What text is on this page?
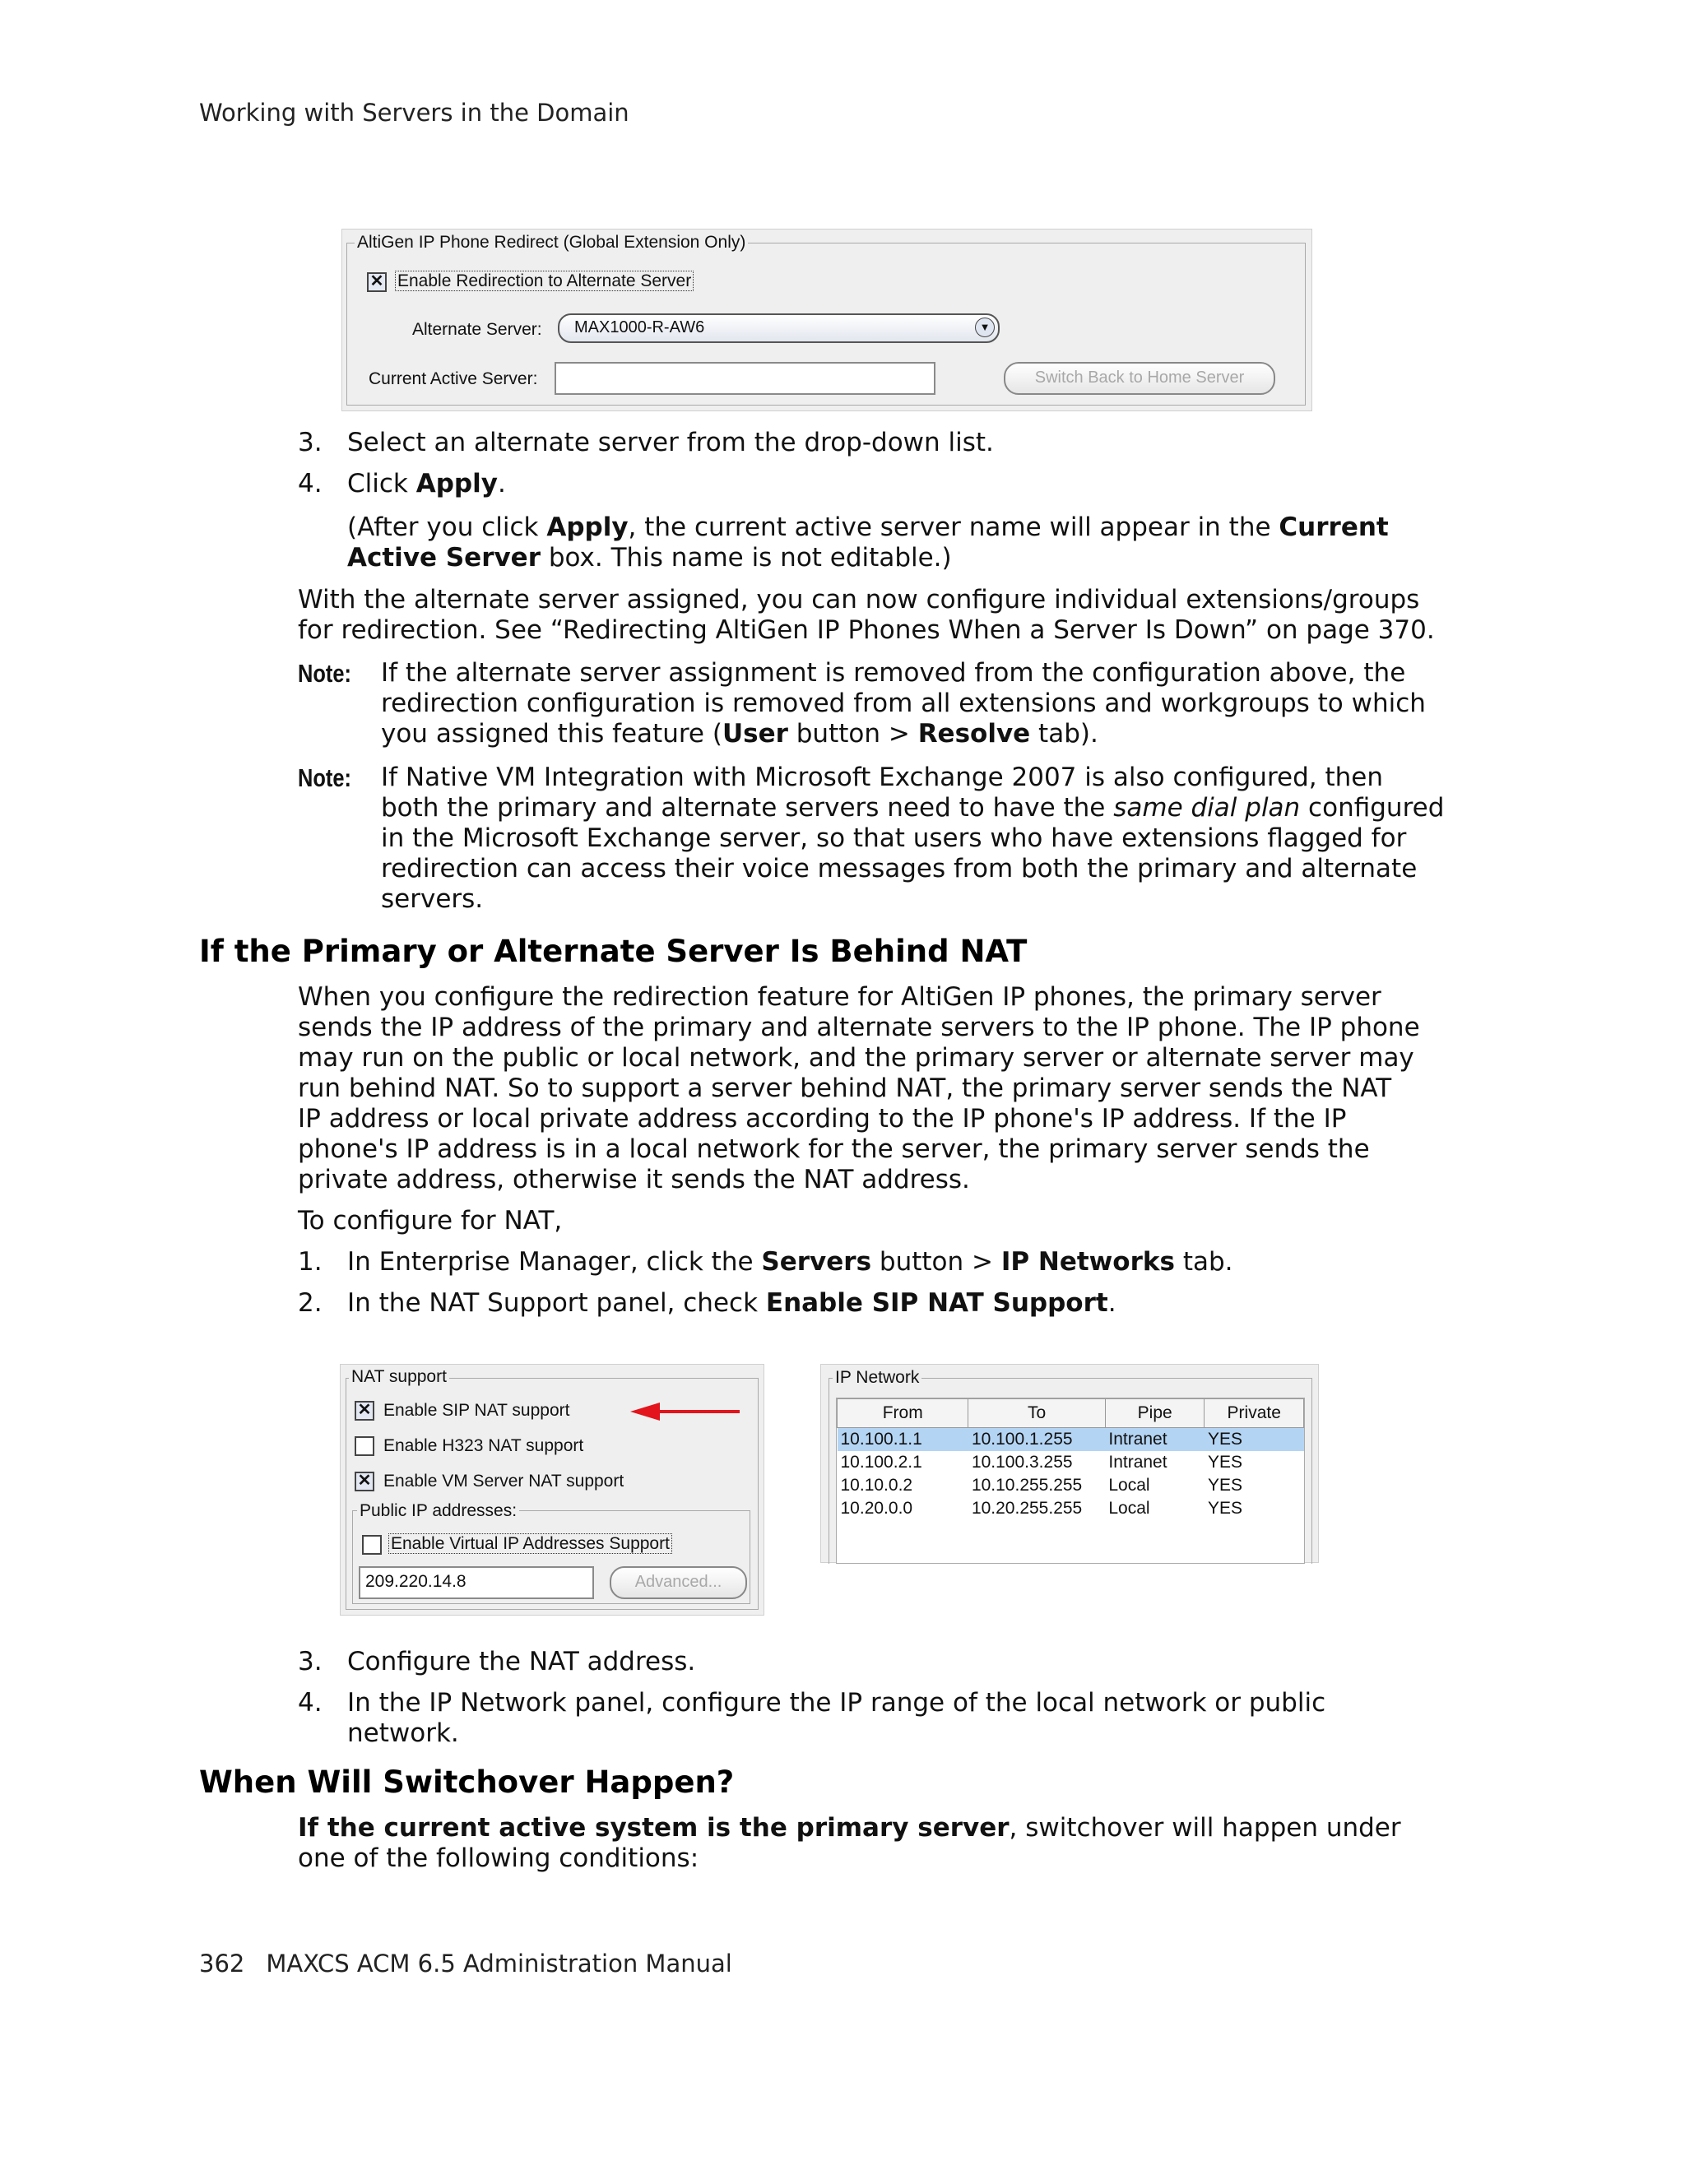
Working with Servers in the Domain
AltiGen IP Phone Redirect (Global Extension Only)
✕ Enable Redirection to Alternate Server
Alternate Server:	MAX1000-R-AW6	▼
Current Active Server:	Switch Back to Home Server
3. Select an alternate server from the drop-down list.
4. Click Apply.
(After you click Apply, the current active server name will appear in the Current
Active Server box. This name is not editable.)
With the alternate server assigned, you can now configure individual extensions/groups
for redirection. See “Redirecting AltiGen IP Phones When a Server Is Down” on page 370.
Note: If the alternate server assignment is removed from the configuration above, the
redirection configuration is removed from all extensions and workgroups to which
you assigned this feature (User button > Resolve tab).
Note: If Native VM Integration with Microsoft Exchange 2007 is also configured, then
both the primary and alternate servers need to have the same dial plan configured
in the Microsoft Exchange server, so that users who have extensions flagged for
redirection can access their voice messages from both the primary and alternate
servers.
If the Primary or Alternate Server Is Behind NAT
When you configure the redirection feature for AltiGen IP phones, the primary server
sends the IP address of the primary and alternate servers to the IP phone. The IP phone
may run on the public or local network, and the primary server or alternate server may
run behind NAT. So to support a server behind NAT, the primary server sends the NAT
IP address or local private address according to the IP phone's IP address. If the IP
phone's IP address is in a local network for the server, the primary server sends the
private address, otherwise it sends the NAT address.
To configure for NAT,
1. In Enterprise Manager, click the Servers button > IP Networks tab.
2. In the NAT Support panel, check Enable SIP NAT Support.
NAT support
✕ Enable SIP NAT support
Enable H323 NAT support
✕ Enable VM Server NAT support
Public IP addresses:
Enable Virtual IP Addresses Support
209.220.14.8	Advanced...
IP Network
From	To	Pipe	Private
10.100.1.1	10.100.1.255	Intranet	YES
10.100.2.1	10.100.3.255	Intranet	YES
10.10.0.2	10.10.255.255	Local	YES
10.20.0.0	10.20.255.255	Local	YES
3. Configure the NAT address.
4. In the IP Network panel, configure the IP range of the local network or public
network.
When Will Switchover Happen?
If the current active system is the primary server, switchover will happen under
one of the following conditions:
362 MAXCS ACM 6.5 Administration Manual
